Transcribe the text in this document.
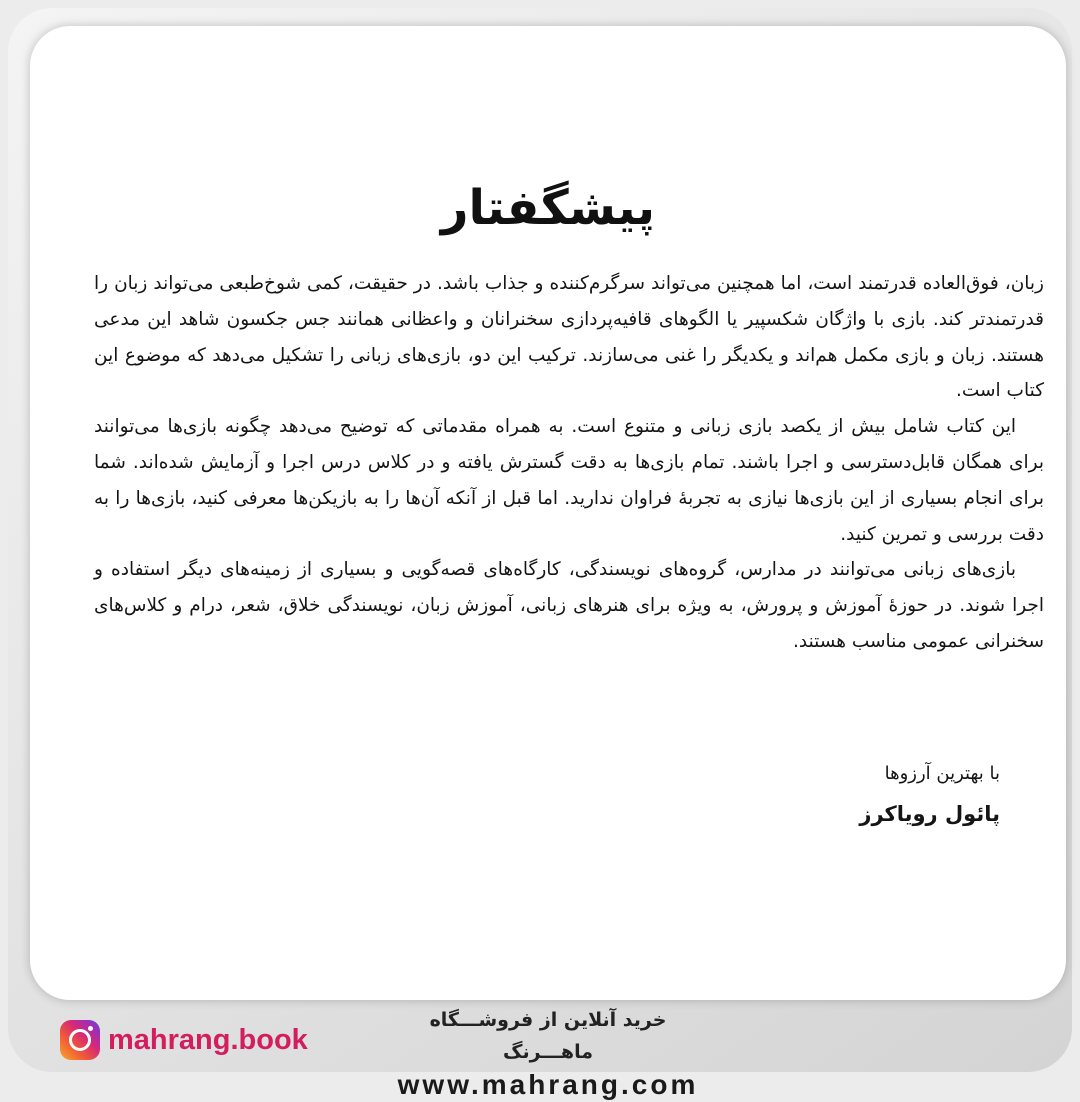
پیشگفتار

زبان، فوق‌العاده قدرتمند است، اما همچنین می‌تواند سرگرم‌کننده و جذاب باشد. در حقیقت، کمی شوخ‌طبعی می‌تواند زبان را قدرتمندتر کند. بازی با واژگان شکسپیر یا الگوهای قافیه‌پردازی سخنرانان و واعظانی همانند جس جکسون شاهد این مدعی هستند. زبان و بازی مکمل هم‌اند و یکدیگر را غنی می‌سازند. ترکیب این دو، بازی‌های زبانی را تشکیل می‌دهد که موضوع این کتاب است.

این کتاب شامل بیش از یکصد بازی زبانی و متنوع است. به همراه مقدماتی که توضیح می‌دهد چگونه بازی‌ها می‌توانند برای همگان قابل‌دسترسی و اجرا باشند. تمام بازی‌ها به دقت گسترش یافته و در کلاس درس اجرا و آزمایش شده‌اند. شما برای انجام بسیاری از این بازی‌ها نیازی به تجربهٔ فراوان ندارید. اما قبل از آنکه آن‌ها را به بازیکن‌ها معرفی کنید، بازی‌ها را به دقت بررسی و تمرین کنید.

بازی‌های زبانی می‌توانند در مدارس، گروه‌های نویسندگی، کارگاه‌های قصه‌گویی و بسیاری از زمینه‌های دیگر استفاده و اجرا شوند. در حوزهٔ آموزش و پرورش، به ویژه برای هنرهای زبانی، آموزش زبان، نویسندگی خلاق، شعر، درام و کلاس‌های سخنرانی عمومی مناسب هستند.

با بهترین آرزوها
پائول رویاکرز
mahrang.book
خرید آنلاین از فروشـــگاه ماهـــرنگ
www.mahrang.com
